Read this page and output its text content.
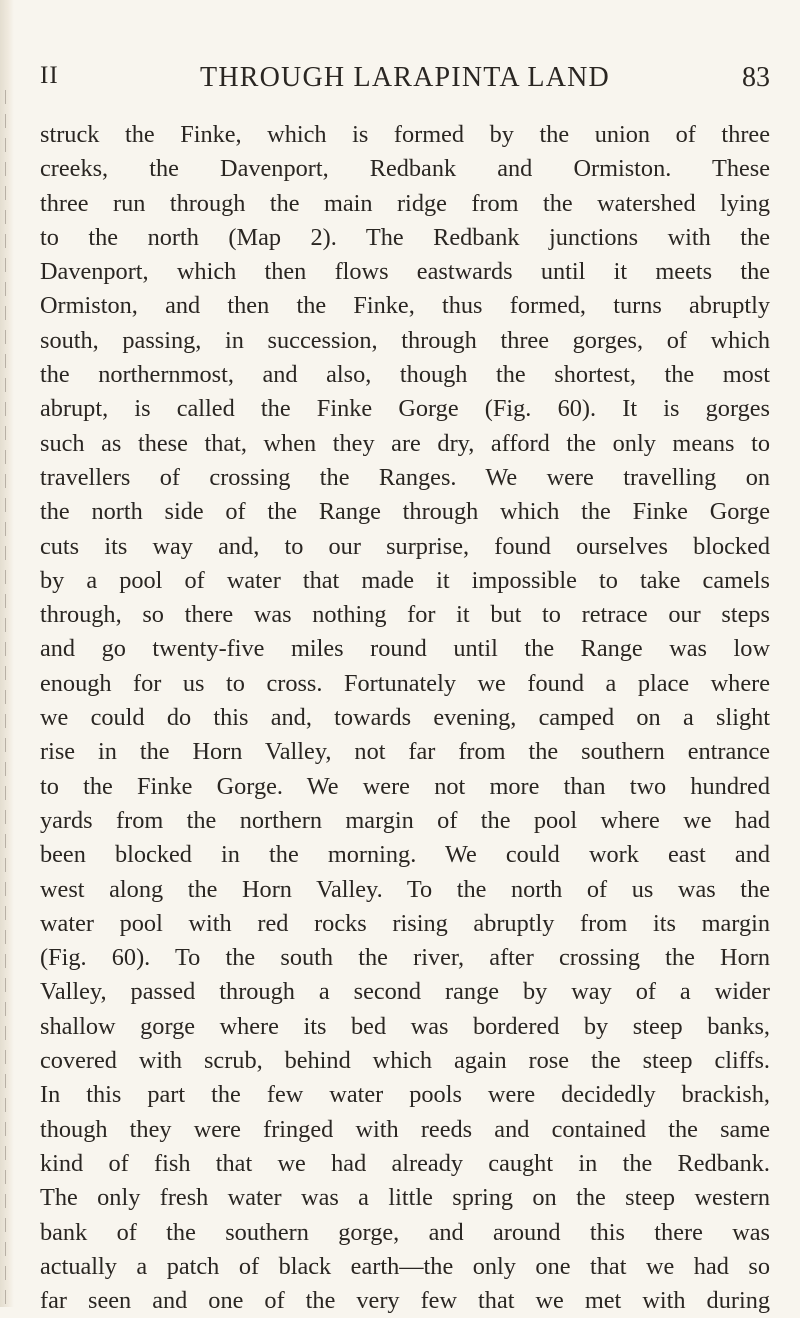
II	THROUGH LARAPINTA LAND	83
struck the Finke, which is formed by the union of three
creeks, the Davenport, Redbank and Ormiston. These
three run through the main ridge from the watershed lying
to the north (Map 2). The Redbank junctions with the
Davenport, which then flows eastwards until it meets the
Ormiston, and then the Finke, thus formed, turns abruptly
south, passing, in succession, through three gorges, of which
the northernmost, and also, though the shortest, the most
abrupt, is called the Finke Gorge (Fig. 60). It is gorges
such as these that, when they are dry, afford the only means to
travellers of crossing the Ranges. We were travelling on
the north side of the Range through which the Finke Gorge
cuts its way and, to our surprise, found ourselves blocked
by a pool of water that made it impossible to take camels
through, so there was nothing for it but to retrace our steps
and go twenty-five miles round until the Range was low
enough for us to cross. Fortunately we found a place where
we could do this and, towards evening, camped on a slight
rise in the Horn Valley, not far from the southern entrance
to the Finke Gorge. We were not more than two hundred
yards from the northern margin of the pool where we had
been blocked in the morning. We could work east and
west along the Horn Valley. To the north of us was the
water pool with red rocks rising abruptly from its margin
(Fig. 60). To the south the river, after crossing the Horn
Valley, passed through a second range by way of a wider
shallow gorge where its bed was bordered by steep banks,
covered with scrub, behind which again rose the steep cliffs.
In this part the few water pools were decidedly brackish,
though they were fringed with reeds and contained the same
kind of fish that we had already caught in the Redbank.
The only fresh water was a little spring on the steep western
bank of the southern gorge, and around this there was
actually a patch of black earth—the only one that we had so
far seen and one of the very few that we met with during
